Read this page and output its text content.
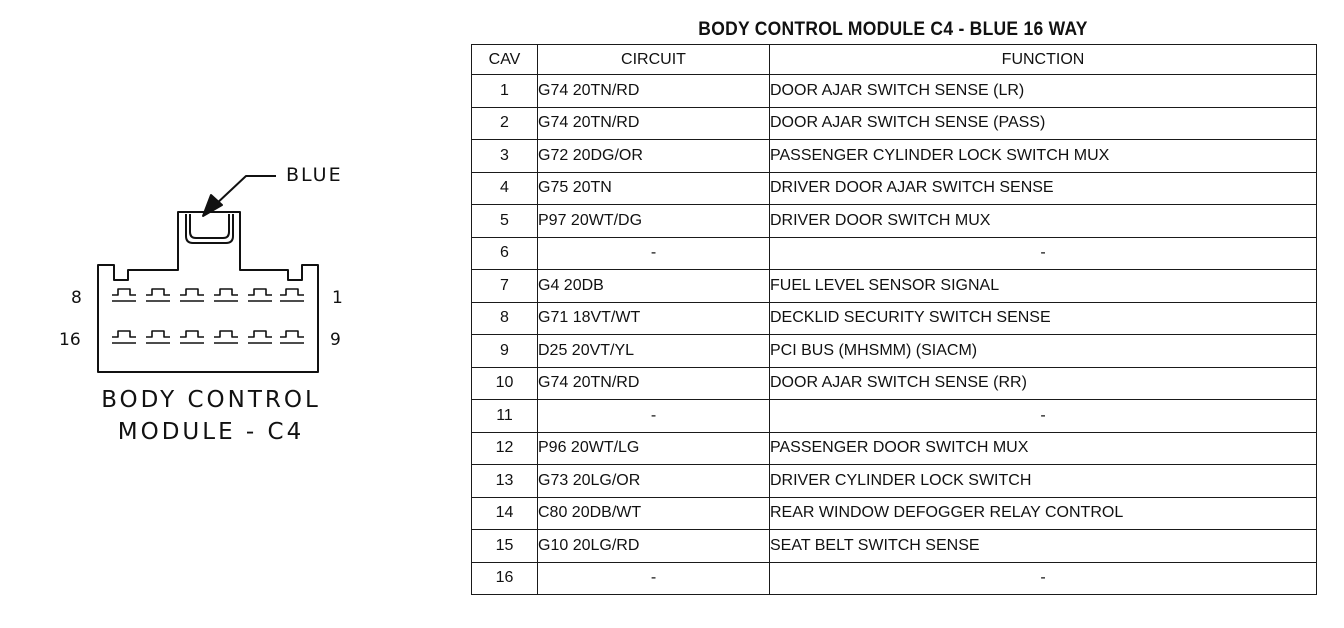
BLUE
8	1
16	9
BODY CONTROL
MODULE - C4
BODY CONTROL MODULE C4 - BLUE 16 WAY
CAV	CIRCUIT	FUNCTION
1	G74 20TN/RD	DOOR AJAR SWITCH SENSE (LR)
2	G74 20TN/RD	DOOR AJAR SWITCH SENSE (PASS)
3	G72 20DG/OR	PASSENGER CYLINDER LOCK SWITCH MUX
4	G75 20TN	DRIVER DOOR AJAR SWITCH SENSE
5	P97 20WT/DG	DRIVER DOOR SWITCH MUX
6	-	-
7	G4 20DB	FUEL LEVEL SENSOR SIGNAL
8	G71 18VT/WT	DECKLID SECURITY SWITCH SENSE
9	D25 20VT/YL	PCI BUS (MHSMM) (SIACM)
10	G74 20TN/RD	DOOR AJAR SWITCH SENSE (RR)
11	-	-
12	P96 20WT/LG	PASSENGER DOOR SWITCH MUX
13	G73 20LG/OR	DRIVER CYLINDER LOCK SWITCH
14	C80 20DB/WT	REAR WINDOW DEFOGGER RELAY CONTROL
15	G10 20LG/RD	SEAT BELT SWITCH SENSE
16	-	-
